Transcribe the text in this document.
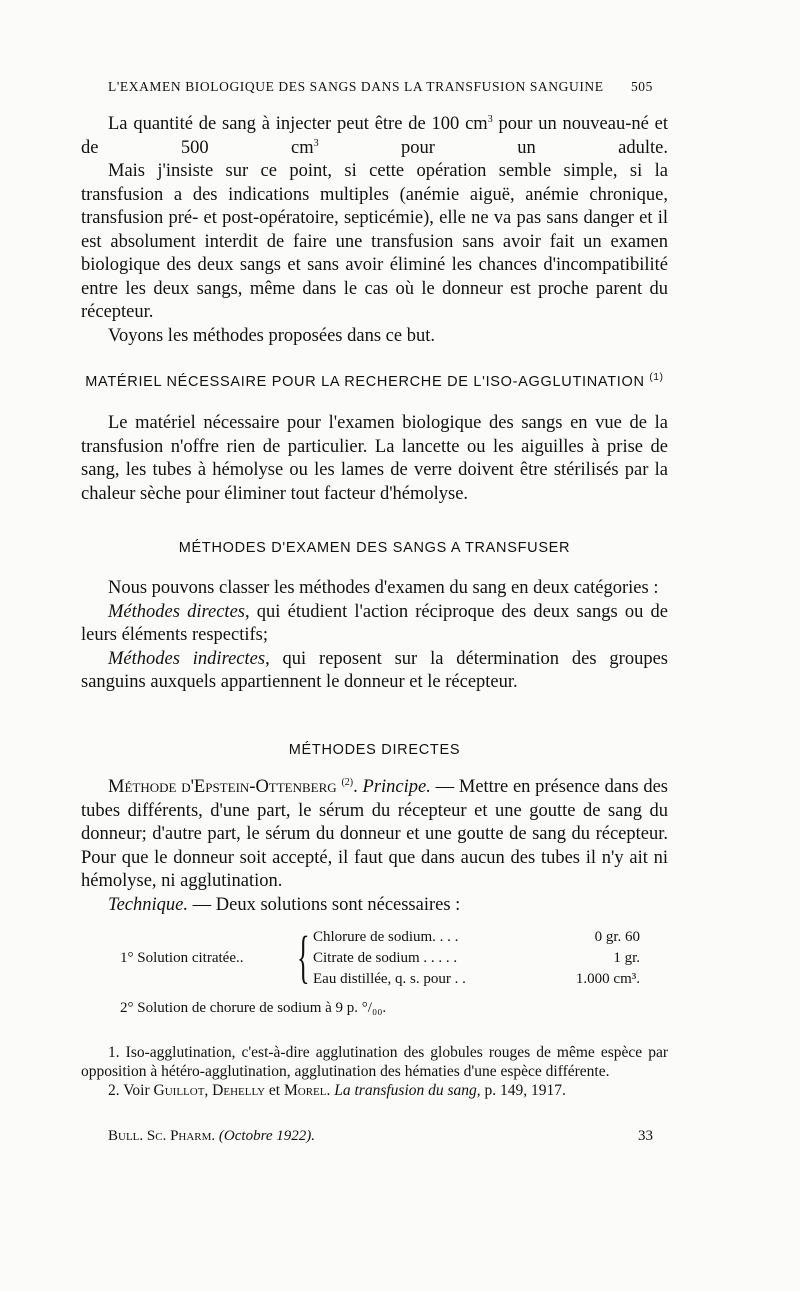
L'EXAMEN BIOLOGIQUE DES SANGS DANS LA TRANSFUSION SANGUINE 505

La quantité de sang à injecter peut être de 100 $cm^3$ pour un nouveau-né et de 500 $cm^3$ pour un adulte.

Mais j'insiste sur ce point, si cette opération semble simple, si la transfusion a des indications multiples (anémie aiguë, anémie chronique, transfusion pré- et post-opératoire, septicémie), elle ne va pas sans danger et il est absolument interdit de faire une transfusion sans avoir fait un examen biologique des deux sangs et sans avoir éliminé les chances d'incompatibilité entre les deux sangs, même dans le cas où le donneur est proche parent du récepteur.

Voyons les méthodes proposées dans ce but.

MATÉRIEL NÉCESSAIRE POUR LA RECHERCHE DE L'ISO-AGGLUTINATION $^{(1)}$

Le matériel nécessaire pour l'examen biologique des sangs en vue de la transfusion n'offre rien de particulier. La lancette ou les aiguilles à prise de sang, les tubes à hémolyse ou les lames de verre doivent être stérilisés par la chaleur sèche pour éliminer tout facteur d'hémolyse.

MÉTHODES D'EXAMEN DES SANGS A TRANSFUSER

Nous pouvons classer les méthodes d'examen du sang en deux catégories :

Méthodes directes, qui étudient l'action réciproque des deux sangs ou de leurs éléments respectifs;

Méthodes indirectes, qui reposent sur la détermination des groupes sanguins auxquels appartiennent le donneur et le récepteur.

MÉTHODES DIRECTES

Méthode d'Epstein-Ottenberg $^{(2)}$. Principe. — Mettre en présence dans des tubes différents, d'une part, le sérum du récepteur et une goutte de sang du donneur; d'autre part, le sérum du donneur et une goutte de sang du récepteur. Pour que le donneur soit accepté, il faut que dans aucun des tubes il n'y ait ni hémolyse, ni agglutination.

Technique. — Deux solutions sont nécessaires :

1° Solution citratée.. { Chlorure de sodium. . . .	0 gr. 60
Citrate de sodium . . . . .	1 gr.
Eau distillée, q. s. pour . .	1.000 cm³.
2° Solution de chorure de sodium à 9 p. °/₀₀.

1. Iso-agglutination, c'est-à-dire agglutination des globules rouges de même espèce par opposition à hétéro-agglutination, agglutination des hématies d'une espèce différente.

2. Voir Guillot, Dehelly et Morel. La transfusion du sang, p. 149, 1917.

Bull. Sc. Pharm. (Octobre 1922).	33
